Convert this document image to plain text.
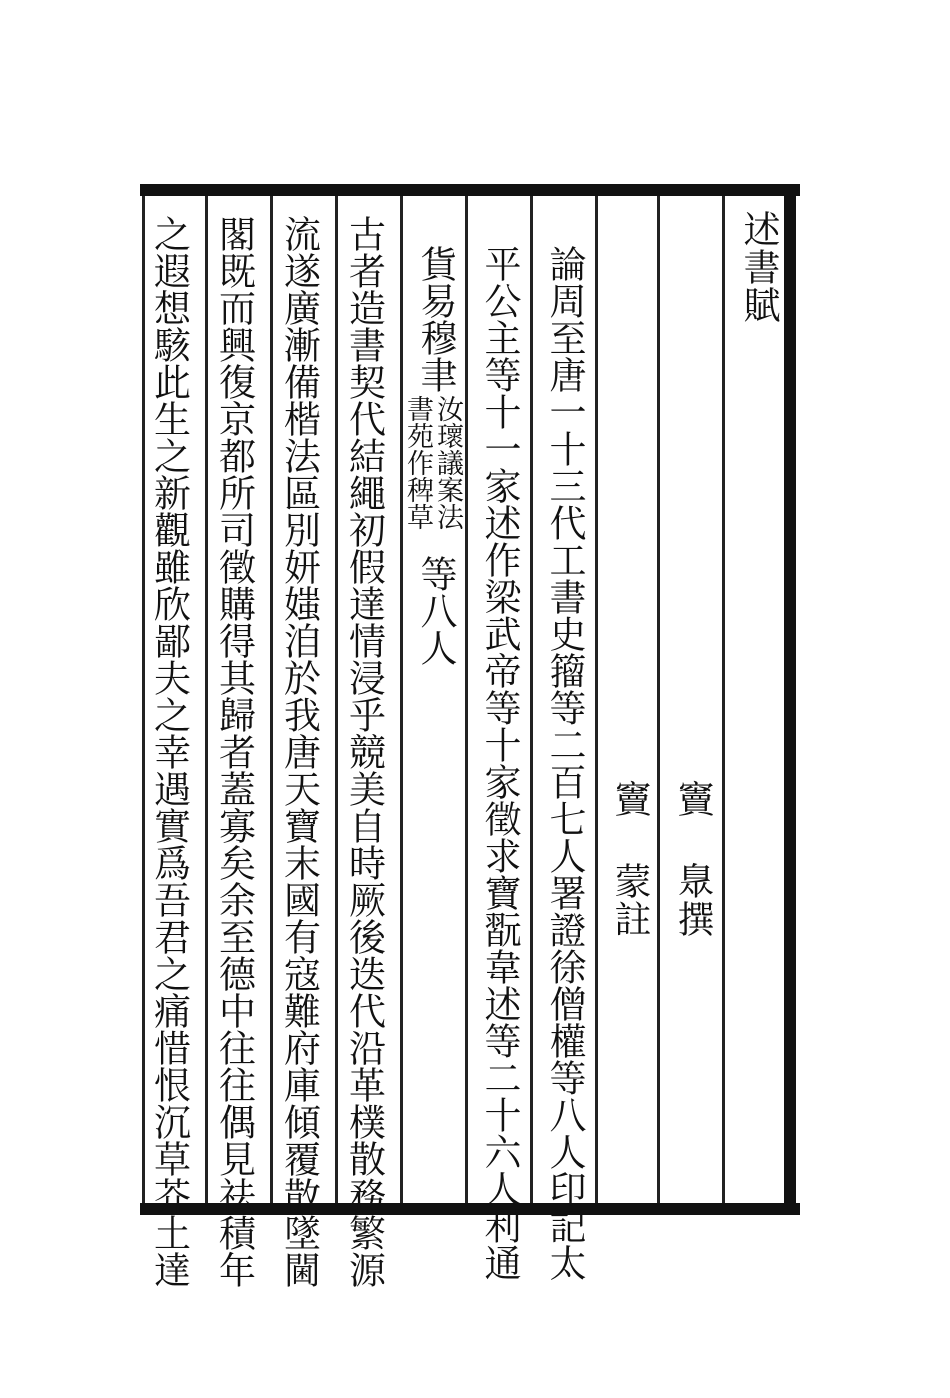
述書賦
竇 臮撰
竇 蒙註
論周至唐一十三代工書史籀等二百七人署證徐僧權等八人印記太
平公主等十一家述作梁武帝等十家徵求寶翫韋述等二十六人利通
貨易穆聿
汝瓌議案法
書苑作稗草
等八人
古者造書契代結繩初假達情浸乎競美自時厥後迭代沿革樸散務繁源
流遂廣漸備楷法區別妍媸洎於我唐天寶末國有寇難府庫傾覆散墜閫
閣既而興復京都所司徵購得其歸者蓋寡矣余至德中往往偶見祛積年
之遐想駭此生之新觀雖欣鄙夫之幸遇實爲吾君之痛惜恨沉草芥土達
